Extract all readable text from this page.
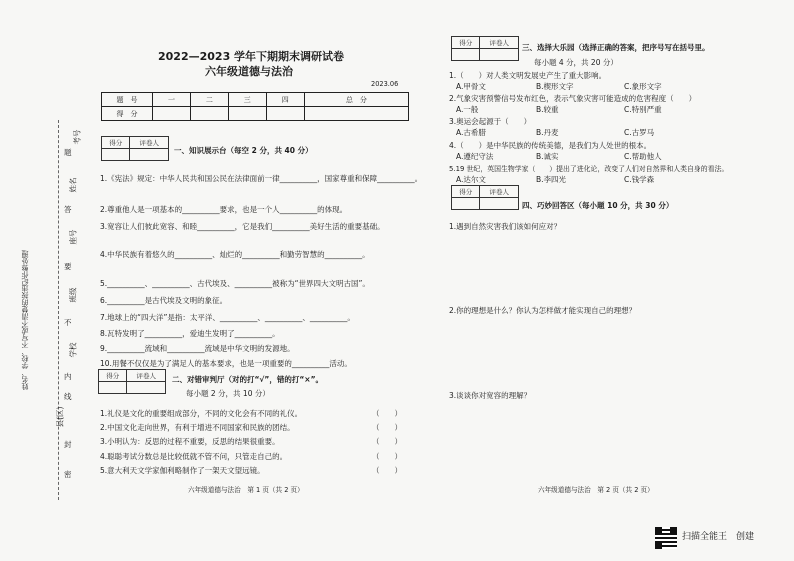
姓名、学校、不写或不清楚的按违纪作弊处理
考号
题
姓名
答
座号
要
班级
不
学校
内
线
县(区)
封
密
2022—2023 学年下期期末调研试卷
六年级道德与法治
2023.06
题　号	一	二	三	四	总　分
得　分					
得分	评卷人

一、知识展示台（每空 2 分，共 40 分）
1.《宪法》规定：中华人民共和国公民在法律面前一律__________，国家尊重和保障__________。
2.尊重他人是一项基本的__________要求，也是一个人__________的体现。
3.宽容让人们彼此宽容、和睦__________，它是我们__________美好生活的重要基础。
4.中华民族有着悠久的__________、灿烂的__________和勤劳智慧的__________。
5.__________、__________、古代埃及、__________被称为“世界四大文明古国”。
6.__________是古代埃及文明的象征。
7.地球上的“四大洋”是指：太平洋、__________、__________、__________。
8.瓦特发明了__________，爱迪生发明了__________。
9.__________流域和__________流域是中华文明的发源地。
10.用餐不仅仅是为了满足人的基本要求，也是一项重要的__________活动。
得分	评卷人
	二、对错审判厅（对的打“√”，错的打“×”。
每小题 2 分，共 10 分）
1.礼仪是文化的重要组成部分，不同的文化会有不同的礼仪。	（　　）
2.中国文化走向世界，有利于增进不同国家和民族的团结。	（　　）
3.小明认为：反思的过程不重要，反思的结果很重要。	（　　）
4.聪聪考试分数总是比较低就不管不问，只管走自己的。	（　　）
5.意大利天文学家伽利略制作了一架天文望远镜。	（　　）
六年级道德与法治　第 1 页（共 2 页）
得分	评卷人
	三、选择大乐园（选择正确的答案，把序号写在括号里。
每小题 4 分，共 20 分）
1.（　　）对人类文明发展史产生了重大影响。
A.甲骨文	B.楔形文字	C.象形文字
2.气象灾害预警信号发布红色，表示气象灾害可能造成的危害程度（　　）
A.一般	B.较重	C.特别严重
3.奥运会起源于（　　）
A.古希腊	B.丹麦	C.古罗马
4.（　　）是中华民族的传统美德，是我们为人处世的根本。
A.遵纪守法	B.诚实	C.帮助他人
5.19 世纪，英国生物学家（　　）提出了进化论，改变了人们对自然界和人类自身的看法。
A.达尔文	B.李四光	C.钱学森
得分	评卷人

四、巧妙回答区（每小题 10 分，共 30 分）
1.遇到自然灾害我们该如何应对？
2.你的理想是什么？你认为怎样做才能实现自己的理想？
3.谈谈你对宽容的理解？
六年级道德与法治　第 2 页（共 2 页）
扫描全能王　创建
